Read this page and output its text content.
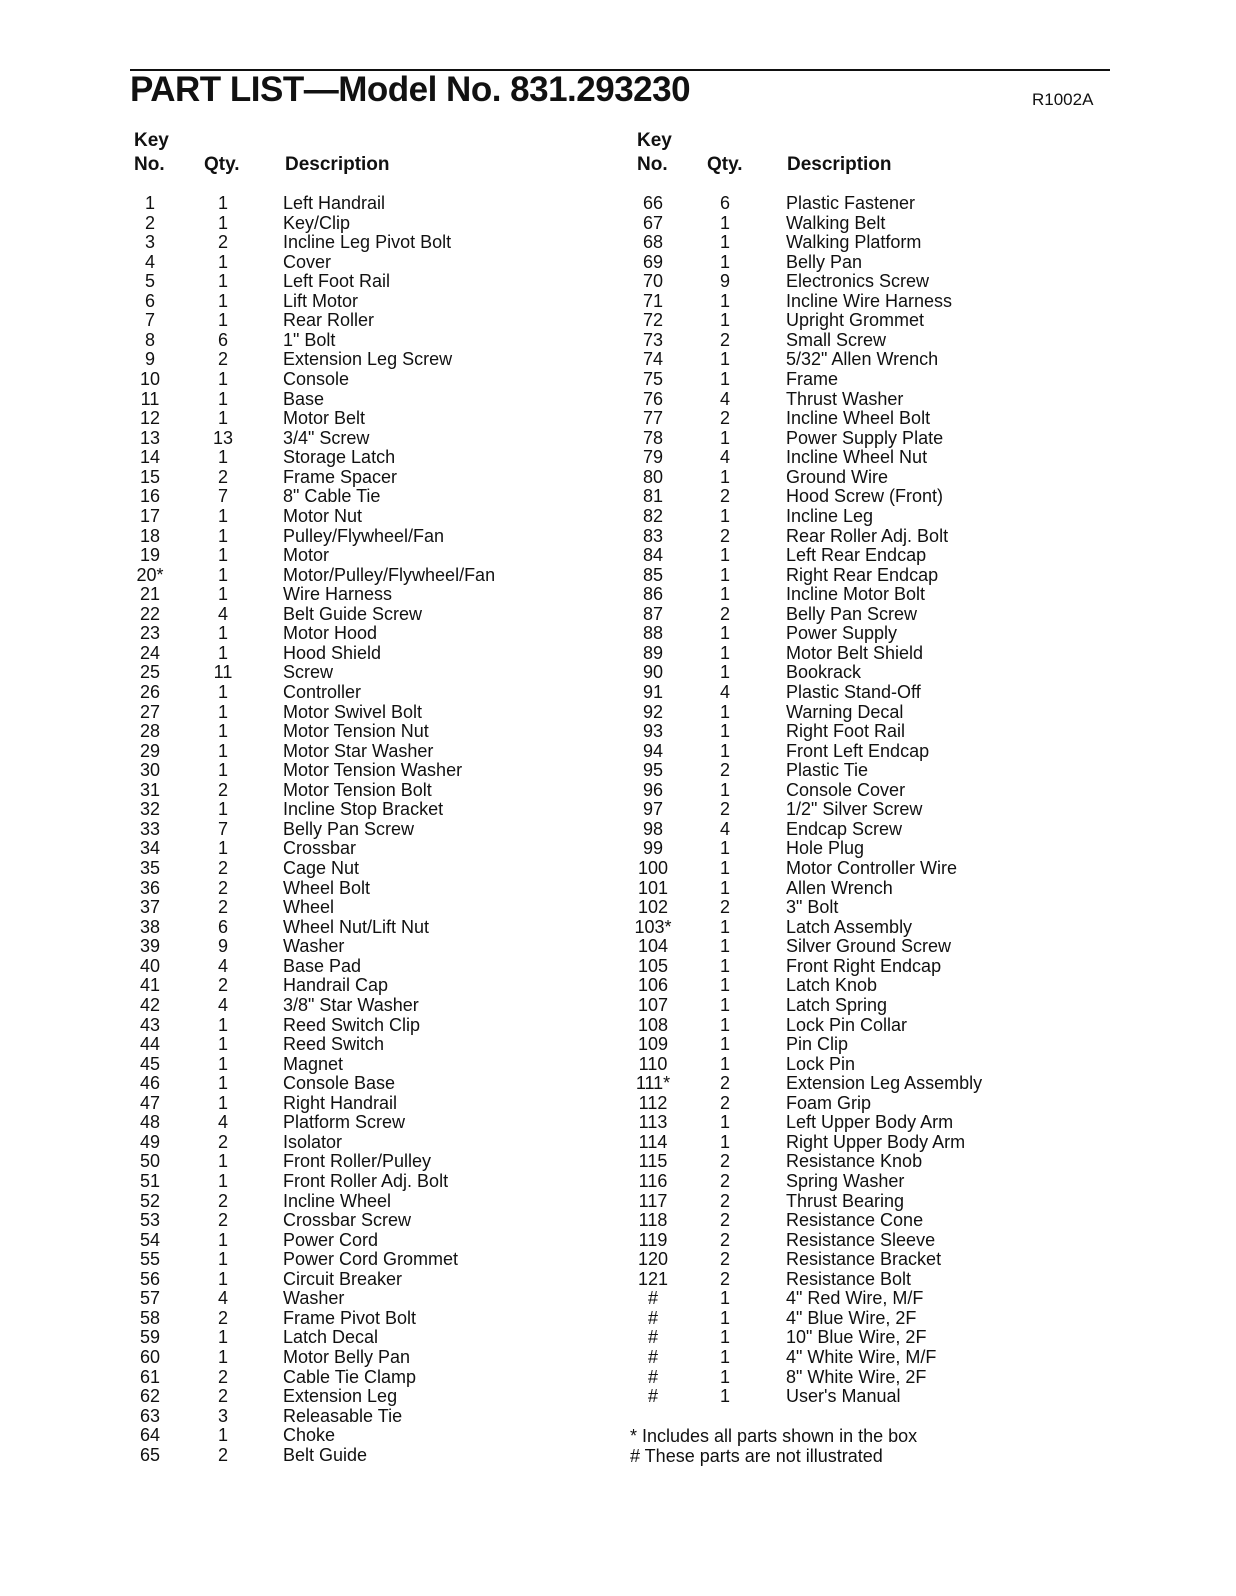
PART LIST—Model No. 831.293230	R1002A
Key
No. Qty. Description
Key
No. Qty. Description
1	1	Left Handrail
2	1	Key/Clip
3	2	Incline Leg Pivot Bolt
4	1	Cover
5	1	Left Foot Rail
6	1	Lift Motor
7	1	Rear Roller
8	6	1" Bolt
9	2	Extension Leg Screw
10	1	Console
11	1	Base
12	1	Motor Belt
13	13	3/4" Screw
14	1	Storage Latch
15	2	Frame Spacer
16	7	8" Cable Tie
17	1	Motor Nut
18	1	Pulley/Flywheel/Fan
19	1	Motor
20*	1	Motor/Pulley/Flywheel/Fan
21	1	Wire Harness
22	4	Belt Guide Screw
23	1	Motor Hood
24	1	Hood Shield
25	11	Screw
26	1	Controller
27	1	Motor Swivel Bolt
28	1	Motor Tension Nut
29	1	Motor Star Washer
30	1	Motor Tension Washer
31	2	Motor Tension Bolt
32	1	Incline Stop Bracket
33	7	Belly Pan Screw
34	1	Crossbar
35	2	Cage Nut
36	2	Wheel Bolt
37	2	Wheel
38	6	Wheel Nut/Lift Nut
39	9	Washer
40	4	Base Pad
41	2	Handrail Cap
42	4	3/8" Star Washer
43	1	Reed Switch Clip
44	1	Reed Switch
45	1	Magnet
46	1	Console Base
47	1	Right Handrail
48	4	Platform Screw
49	2	Isolator
50	1	Front Roller/Pulley
51	1	Front Roller Adj. Bolt
52	2	Incline Wheel
53	2	Crossbar Screw
54	1	Power Cord
55	1	Power Cord Grommet
56	1	Circuit Breaker
57	4	Washer
58	2	Frame Pivot Bolt
59	1	Latch Decal
60	1	Motor Belly Pan
61	2	Cable Tie Clamp
62	2	Extension Leg
63	3	Releasable Tie
64	1	Choke
65	2	Belt Guide
66	6	Plastic Fastener
67	1	Walking Belt
68	1	Walking Platform
69	1	Belly Pan
70	9	Electronics Screw
71	1	Incline Wire Harness
72	1	Upright Grommet
73	2	Small Screw
74	1	5/32" Allen Wrench
75	1	Frame
76	4	Thrust Washer
77	2	Incline Wheel Bolt
78	1	Power Supply Plate
79	4	Incline Wheel Nut
80	1	Ground Wire
81	2	Hood Screw (Front)
82	1	Incline Leg
83	2	Rear Roller Adj. Bolt
84	1	Left Rear Endcap
85	1	Right Rear Endcap
86	1	Incline Motor Bolt
87	2	Belly Pan Screw
88	1	Power Supply
89	1	Motor Belt Shield
90	1	Bookrack
91	4	Plastic Stand-Off
92	1	Warning Decal
93	1	Right Foot Rail
94	1	Front Left Endcap
95	2	Plastic Tie
96	1	Console Cover
97	2	1/2" Silver Screw
98	4	Endcap Screw
99	1	Hole Plug
100	1	Motor Controller Wire
101	1	Allen Wrench
102	2	3" Bolt
103*	1	Latch Assembly
104	1	Silver Ground Screw
105	1	Front Right Endcap
106	1	Latch Knob
107	1	Latch Spring
108	1	Lock Pin Collar
109	1	Pin Clip
110	1	Lock Pin
111*	2	Extension Leg Assembly
112	2	Foam Grip
113	1	Left Upper Body Arm
114	1	Right Upper Body Arm
115	2	Resistance Knob
116	2	Spring Washer
117	2	Thrust Bearing
118	2	Resistance Cone
119	2	Resistance Sleeve
120	2	Resistance Bracket
121	2	Resistance Bolt
#	1	4" Red Wire, M/F
#	1	4" Blue Wire, 2F
#	1	10" Blue Wire, 2F
#	1	4" White Wire, M/F
#	1	8" White Wire, 2F
#	1	User's Manual
* Includes all parts shown in the box
# These parts are not illustrated
